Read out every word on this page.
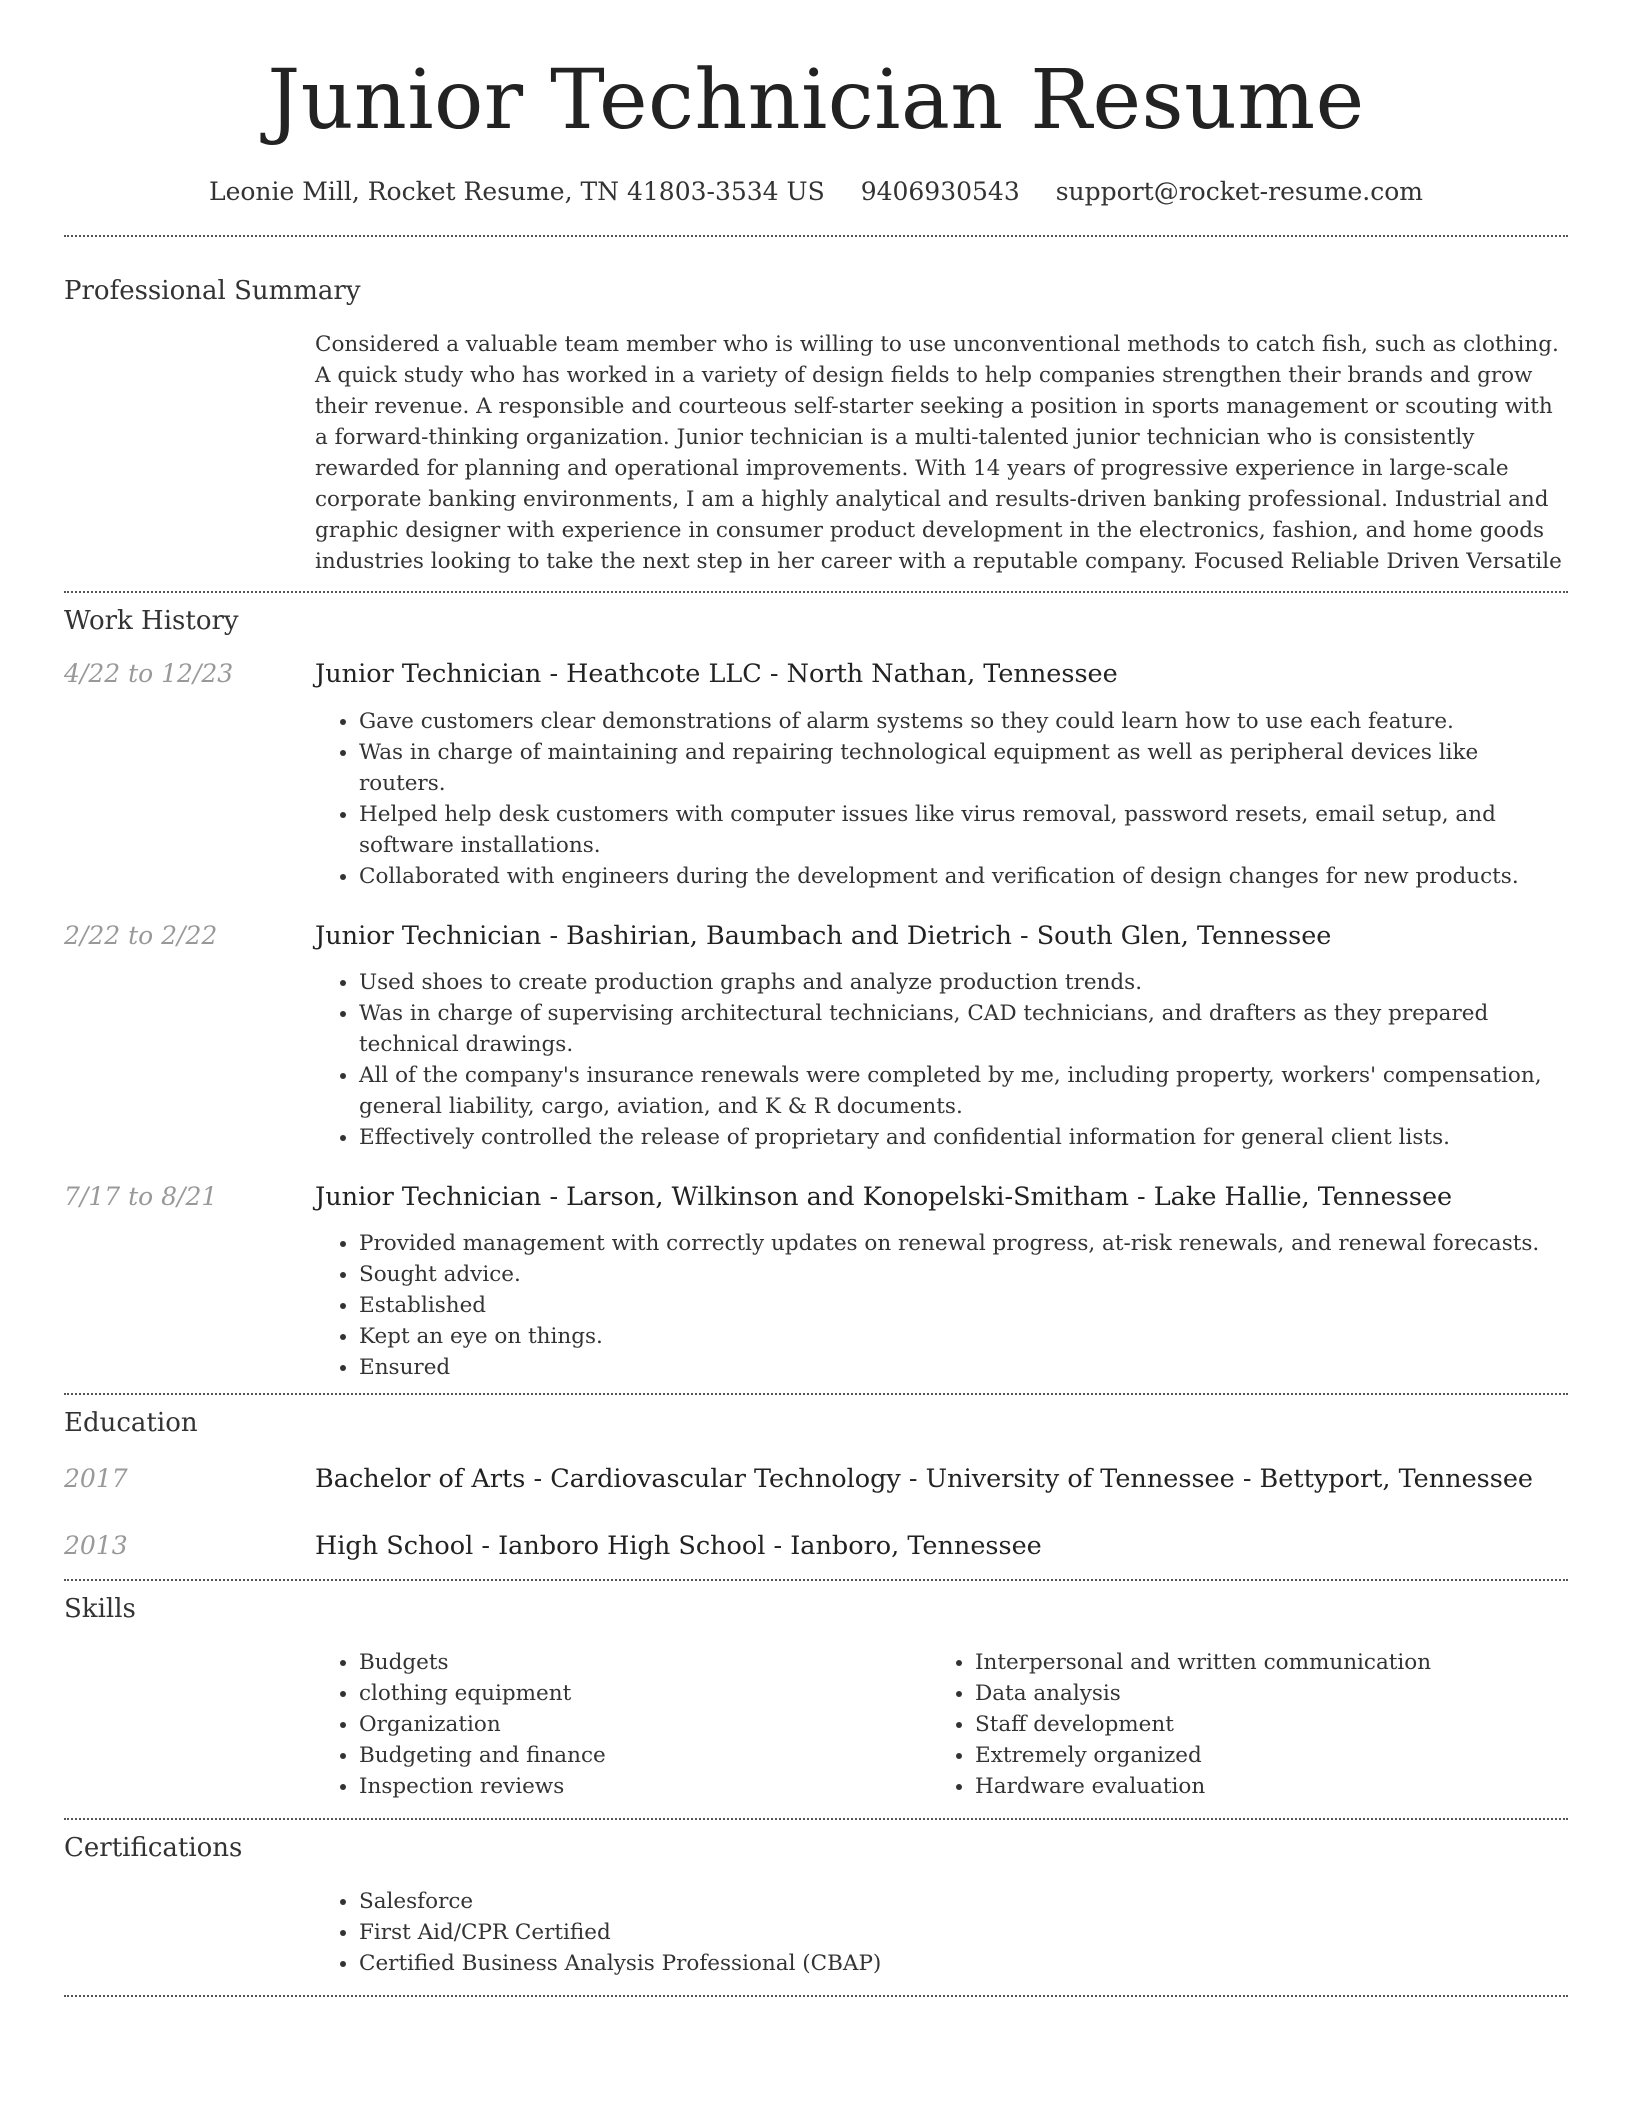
Junior Technician Resume
Leonie Mill, Rocket Resume, TN 41803-3534 US 9406930543 support@rocket-resume.com
Professional Summary
Considered a valuable team member who is willing to use unconventional methods to catch fish, such as clothing. A quick study who has worked in a variety of design fields to help companies strengthen their brands and grow their revenue. A responsible and courteous self-starter seeking a position in sports management or scouting with a forward-thinking organization. Junior technician is a multi-talented junior technician who is consistently rewarded for planning and operational improvements. With 14 years of progressive experience in large-scale corporate banking environments, I am a highly analytical and results-driven banking professional. Industrial and graphic designer with experience in consumer product development in the electronics, fashion, and home goods industries looking to take the next step in her career with a reputable company. Focused Reliable Driven Versatile
Work History
4/22 to 12/23	Junior Technician - Heathcote LLC - North Nathan, Tennessee
• Gave customers clear demonstrations of alarm systems so they could learn how to use each feature.
• Was in charge of maintaining and repairing technological equipment as well as peripheral devices like routers.
• Helped help desk customers with computer issues like virus removal, password resets, email setup, and software installations.
• Collaborated with engineers during the development and verification of design changes for new products.
2/22 to 2/22	Junior Technician - Bashirian, Baumbach and Dietrich - South Glen, Tennessee
• Used shoes to create production graphs and analyze production trends.
• Was in charge of supervising architectural technicians, CAD technicians, and drafters as they prepared technical drawings.
• All of the company's insurance renewals were completed by me, including property, workers' compensation, general liability, cargo, aviation, and K & R documents.
• Effectively controlled the release of proprietary and confidential information for general client lists.
7/17 to 8/21	Junior Technician - Larson, Wilkinson and Konopelski-Smitham - Lake Hallie, Tennessee
• Provided management with correctly updates on renewal progress, at-risk renewals, and renewal forecasts.
• Sought advice.
• Established
• Kept an eye on things.
• Ensured
Education
2017	Bachelor of Arts - Cardiovascular Technology - University of Tennessee - Bettyport, Tennessee
2013	High School - Ianboro High School - Ianboro, Tennessee
Skills
• Budgets
• clothing equipment
• Organization
• Budgeting and finance
• Inspection reviews
• Interpersonal and written communication
• Data analysis
• Staff development
• Extremely organized
• Hardware evaluation
Certifications
• Salesforce
• First Aid/CPR Certified
• Certified Business Analysis Professional (CBAP)
